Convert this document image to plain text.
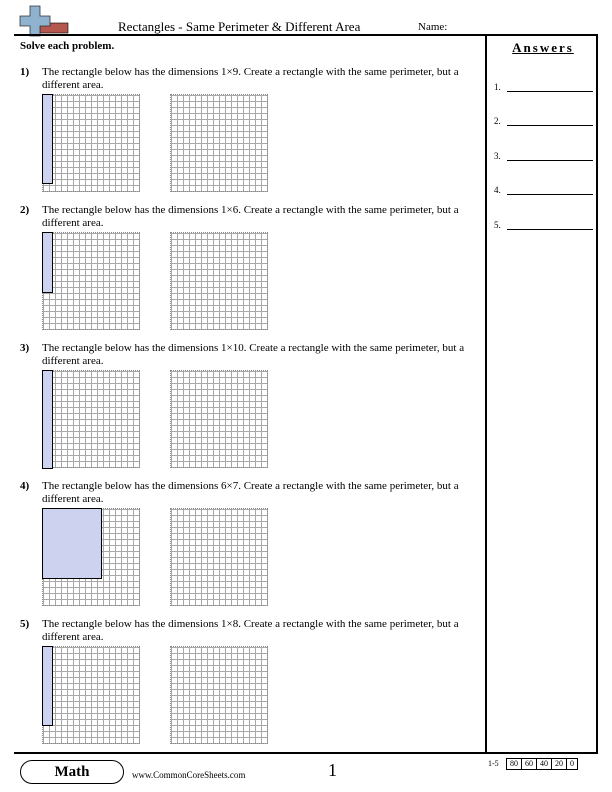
Rectangles - Same Perimeter & Different Area	Name:
Solve each problem.
1) The rectangle below has the dimensions 1×9. Create a rectangle with the same perimeter, but a different area.
2) The rectangle below has the dimensions 1×6. Create a rectangle with the same perimeter, but a different area.
3) The rectangle below has the dimensions 1×10. Create a rectangle with the same perimeter, but a different area.
4) The rectangle below has the dimensions 6×7. Create a rectangle with the same perimeter, but a different area.
5) The rectangle below has the dimensions 1×8. Create a rectangle with the same perimeter, but a different area.
Answers
1.
2.
3.
4.
5.
Math	www.CommonCoreSheets.com	1	1-5	80 60 40 20 0
